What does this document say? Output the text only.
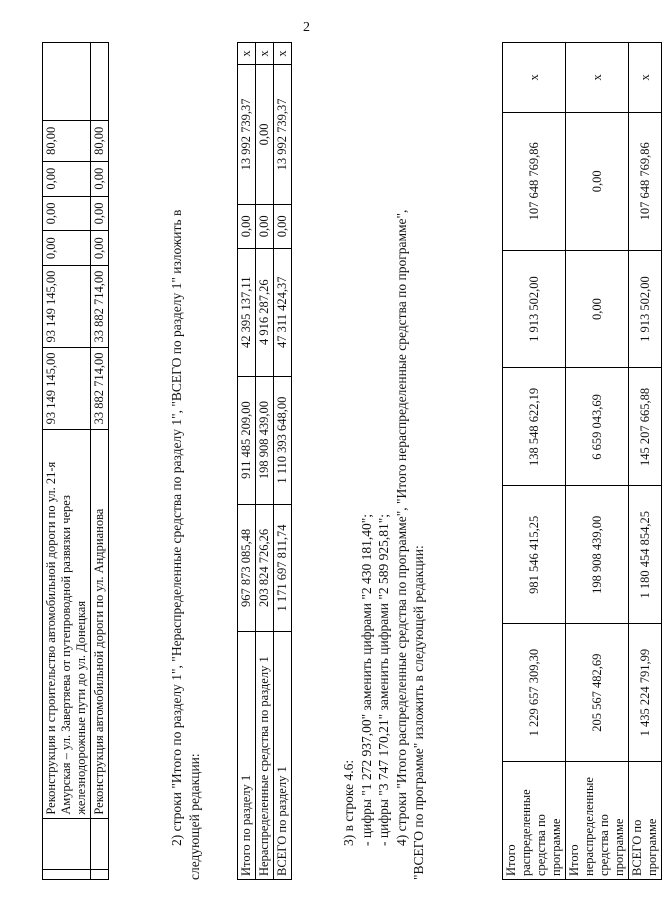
2
		Реконструкция и строительство автомобильной дороги по ул. 21-я Амурская – ул. Завертяева от путепроводной развязки через железнодорожные пути до ул. Донецкая	93 149 145,00	93 149 145,00	0,00	0,00	0,00	80,00	
		Реконструкция автомобильной дороги по ул. Андрианова	33 882 714,00	33 882 714,00	0,00	0,00	0,00	80,00	
2) строки "Итого по разделу 1", "Нераспределенные средства по разделу 1", "ВСЕГО по разделу 1" изложить в следующей редакции:	Итого по разделу 1	967 873 085,48	911 485 209,00	42 395 137,11	0,00	13 992 739,37	x
Нераспределенные средства по разделу 1	203 824 726,26	198 908 439,00	4 916 287,26	0,00	0,00	x
ВСЕГО по разделу 1	1 171 697 811,74	1 110 393 648,00	47 311 424,37	0,00	13 992 739,37	x
3) в строке 4.6: - цифры "1 272 937,00" заменить цифрами "2 430 181,40"; - цифры "3 747 170,21" заменить цифрами "2 589 925,81"; 4) строки "Итого распределенные средства по программе", "Итого нераспределенные средства по программе", "ВСЕГО по программе" изложить в следующей редакции:	Итого распределенные средства по программе	1 229 657 309,30	981 546 415,25	138 548 622,19	1 913 502,00	107 648 769,86	x
Итого нераспределенные средства по программе	205 567 482,69	198 908 439,00	6 659 043,69	0,00	0,00	x
ВСЕГО по программе	1 435 224 791,99	1 180 454 854,25	145 207 665,88	1 913 502,00	107 648 769,86	x
